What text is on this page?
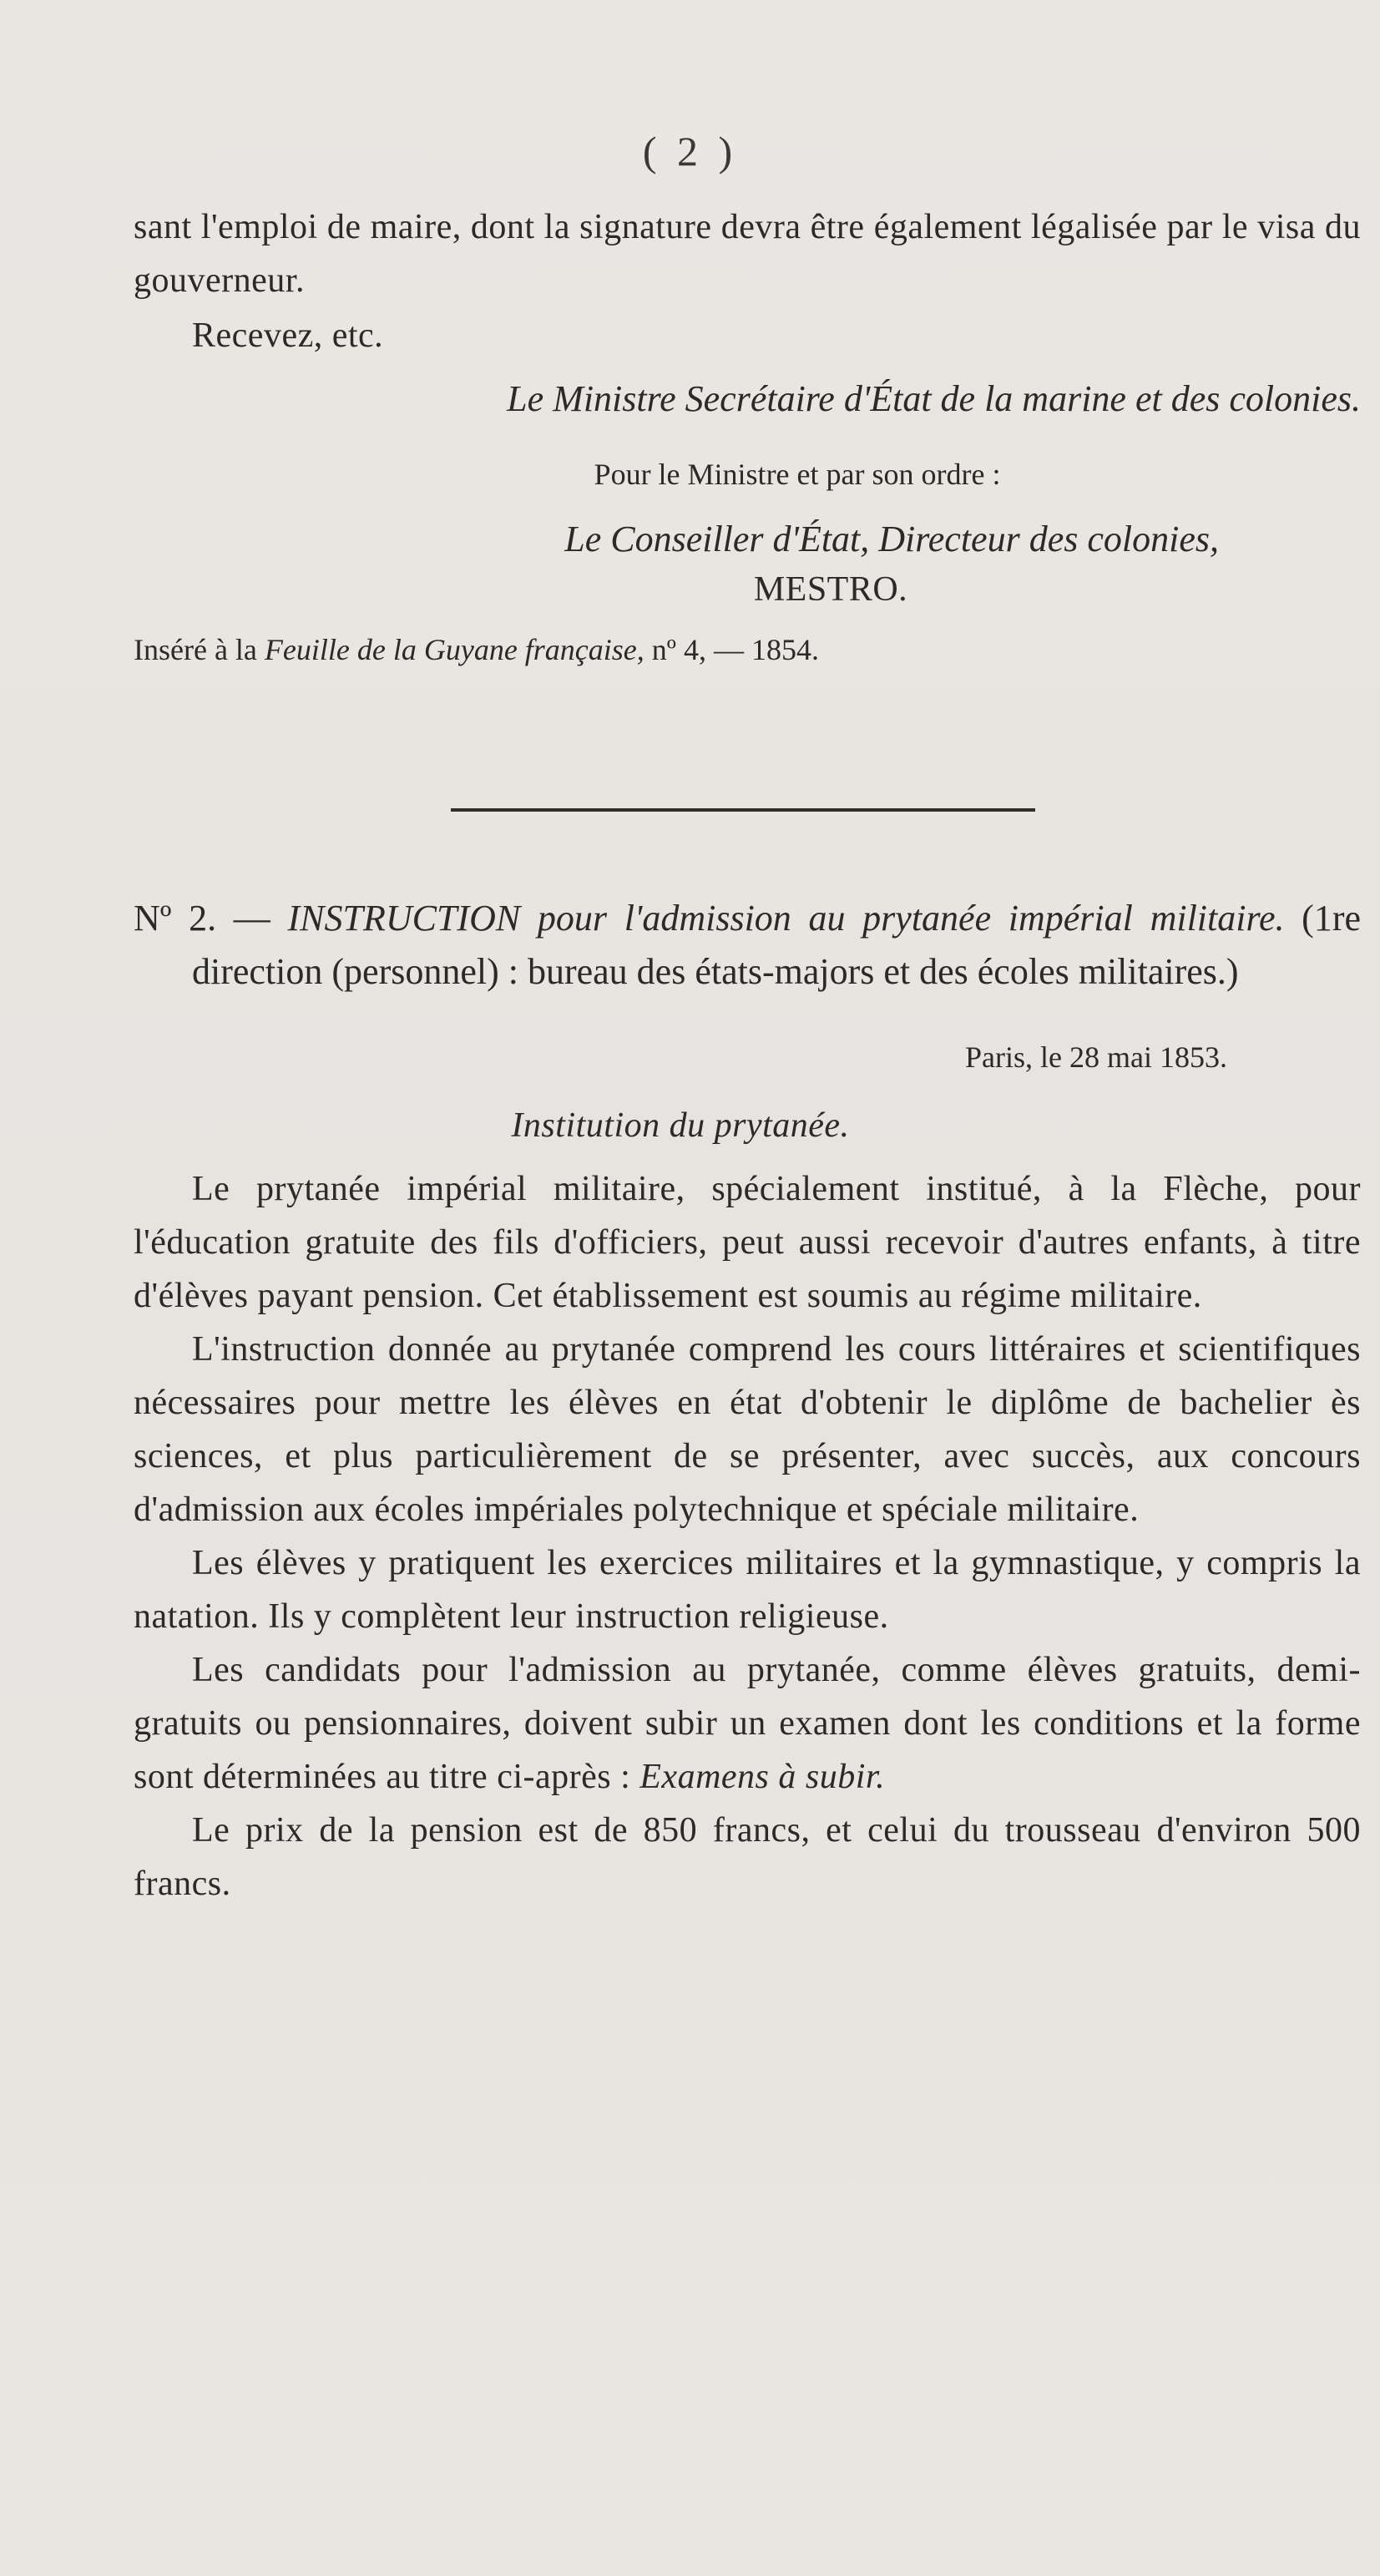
( 2 )

sant l'emploi de maire, dont la signature devra être également légalisée par le visa du gouverneur.

Recevez, etc.

Le Ministre Secrétaire d'État de la marine et des colonies.

Pour le Ministre et par son ordre :

Le Conseiller d'État, Directeur des colonies,

MESTRO.

Inséré à la Feuille de la Guyane française, nº 4, — 1854.

Nº 2. — INSTRUCTION pour l'admission au prytanée impérial militaire. (1re direction (personnel) : bureau des états-majors et des écoles militaires.)

Paris, le 28 mai 1853.

Institution du prytanée.

Le prytanée impérial militaire, spécialement institué, à la Flèche, pour l'éducation gratuite des fils d'officiers, peut aussi recevoir d'autres enfants, à titre d'élèves payant pension. Cet établissement est soumis au régime militaire.

L'instruction donnée au prytanée comprend les cours littéraires et scientifiques nécessaires pour mettre les élèves en état d'obtenir le diplôme de bachelier ès sciences, et plus particulièrement de se présenter, avec succès, aux concours d'admission aux écoles impériales polytechnique et spéciale militaire.

Les élèves y pratiquent les exercices militaires et la gymnastique, y compris la natation. Ils y complètent leur instruction religieuse.

Les candidats pour l'admission au prytanée, comme élèves gratuits, demi-gratuits ou pensionnaires, doivent subir un examen dont les conditions et la forme sont déterminées au titre ci-après : Examens à subir.

Le prix de la pension est de 850 francs, et celui du trousseau d'environ 500 francs.
